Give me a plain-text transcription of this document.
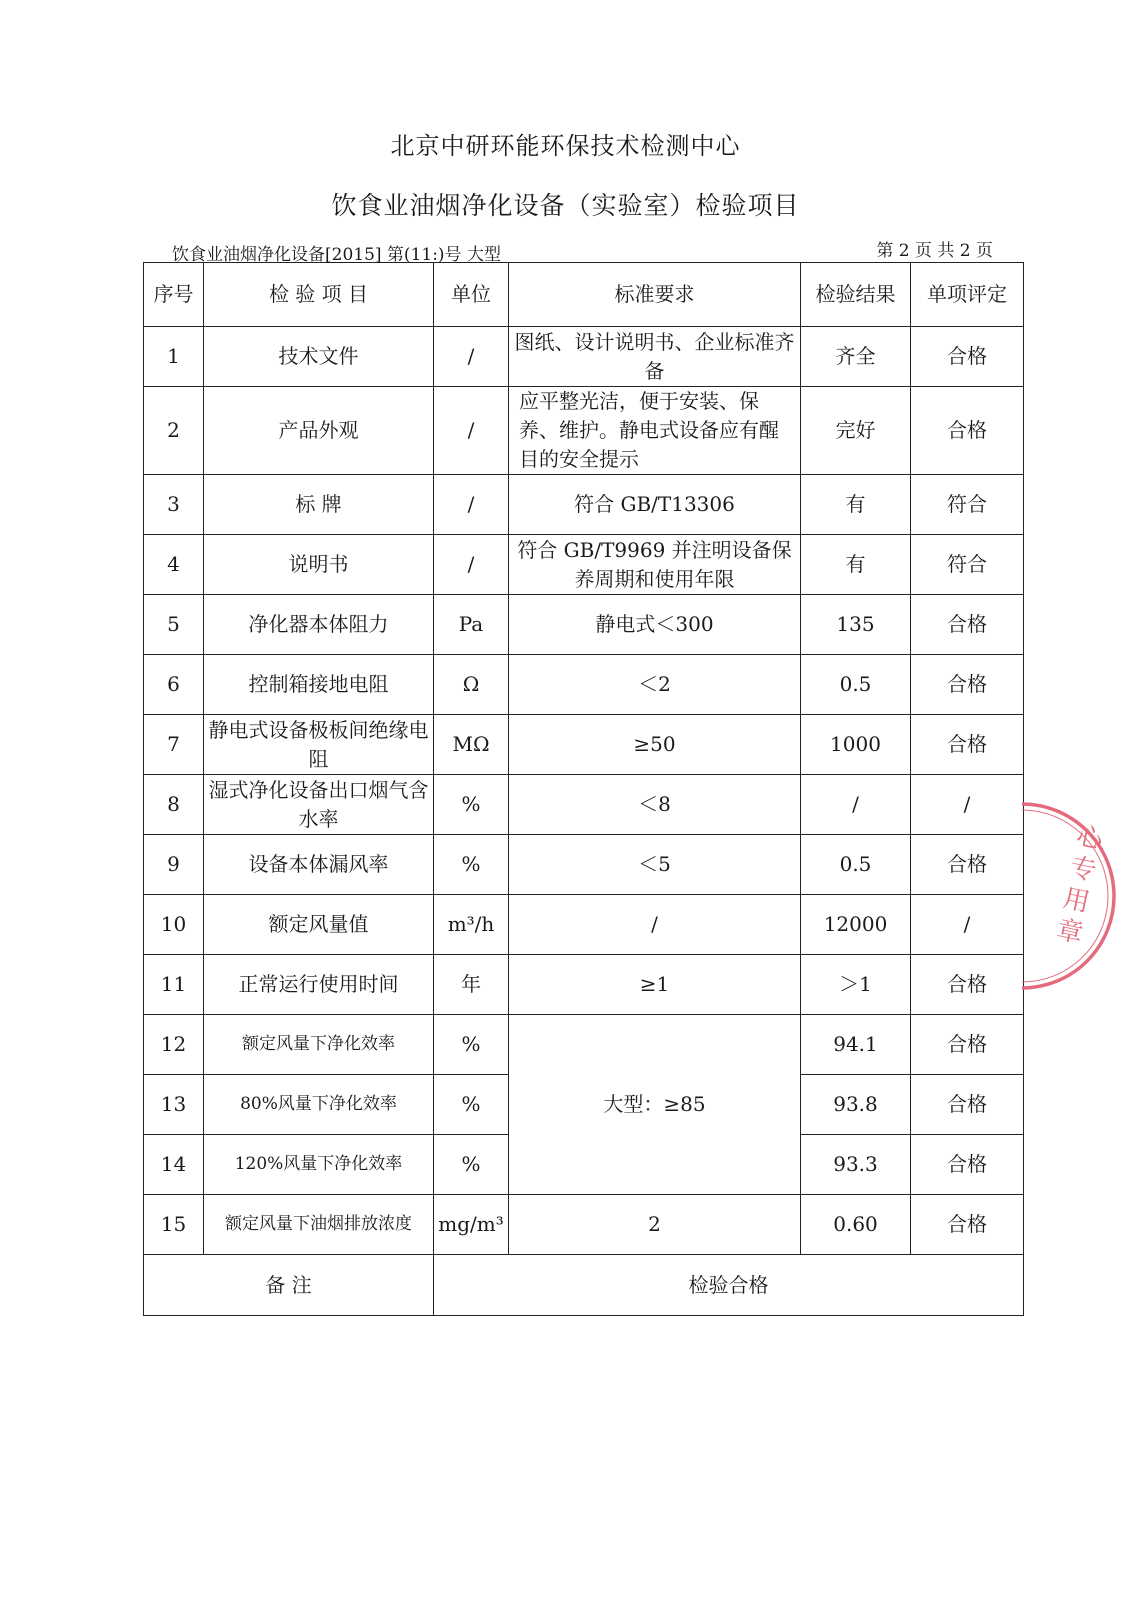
北京中研环能环保技术检测中心
饮食业油烟净化设备（实验室）检验项目
饮食业油烟净化设备[2015] 第(11:)号 大型	第 2 页 共 2 页
序号	检 验 项 目	单位	标准要求	检验结果	单项评定
1	技术文件	/	图纸、设计说明书、企业标准齐备	齐全	合格
2	产品外观	/	应平整光洁，便于安装、保养、维护。静电式设备应有醒目的安全提示	完好	合格
3	标 牌	/	符合 GB/T13306	有	符合
4	说明书	/	符合 GB/T9969 并注明设备保养周期和使用年限	有	符合
5	净化器本体阻力	Pa	静电式＜300	135	合格
6	控制箱接地电阻	Ω	＜2	0.5	合格
7	静电式设备极板间绝缘电阻	MΩ	≥50	1000	合格
8	湿式净化设备出口烟气含水率	%	＜8	/	/
9	设备本体漏风率	%	＜5	0.5	合格
10	额定风量值	m³/h	/	12000	/
11	正常运行使用时间	年	≥1	＞1	合格
12	额定风量下净化效率	%	大型：≥85	94.1	合格
13	80%风量下净化效率	%		93.8	合格
14	120%风量下净化效率	%		93.3	合格
15	额定风量下油烟排放浓度	mg/m³	2	0.60	合格
备 注		检验合格			
心专用章
